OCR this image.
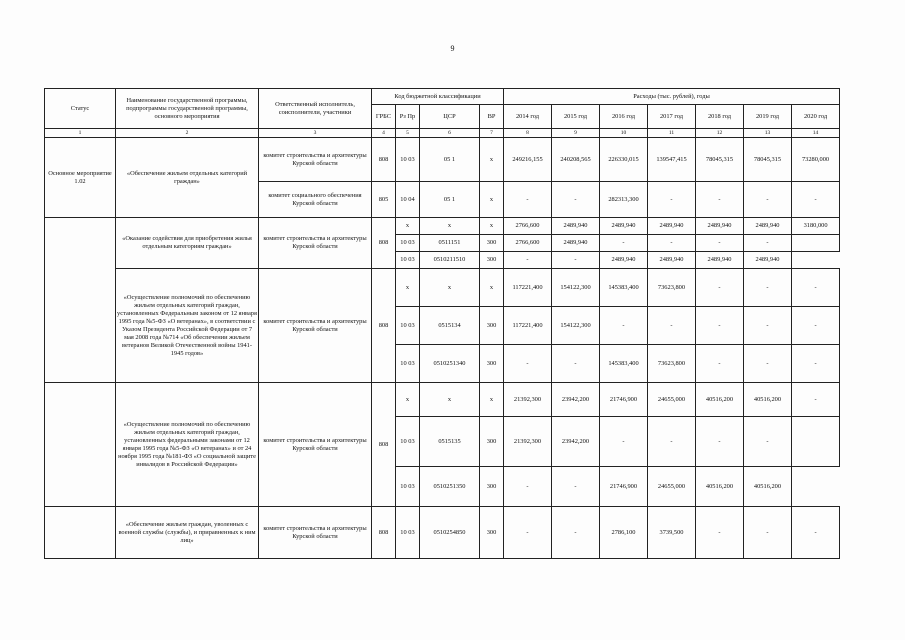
9
Статус	Наименование государственной программы, подпрограммы государственной программы, основного мероприятия	Ответственный исполнитель, соисполнители, участники	Код бюджетной классификации				Расходы (тыс. рублей), годы						
			ГРБС	Рз Пр	ЦСР	ВР	2014 год	2015 год	2016 год	2017 год	2018 год	2019 год	2020 год
1	2	3	4	5	6	7	8	9	10	11	12	13	14
Основное мероприятие 1.02	«Обеспечение жильем отдельных категорий граждан»	комитет строительства и архитектуры Курской области	808	10 03	05 1	x	249216,155	240208,565	226330,015	139547,415	78045,315	78045,315	73280,000
		комитет социального обеспечения Курской области	805	10 04	05 1	x	-	-	282313,300	-	-	-	-
	«Оказание содействия для приобретения жилья отдельным категориям граждан»	комитет строительства и архитектуры Курской области	808	x	x	x	2766,600	2489,940	2489,940	2489,940	2489,940	2489,940	3180,000
				10 03	0511151	300	2766,600	2489,940	-	-	-	-	
				10 03	0510211510	300	-	-	2489,940	2489,940	2489,940	2489,940	
	«Осуществление полномочий по обеспечению жильем отдельных категорий граждан, установленных Федеральным законом от 12 января 1995 года №5-ФЗ «О ветеранах», в соответствии с Указом Президента Российской Федерации от 7 мая 2008 года №714 «Об обеспечении жильем ветеранов Великой Отечественной войны 1941-1945 годов»	комитет строительства и архитектуры Курской области	808	x	x	x	117221,400	154122,300	145383,400	73623,800	-	-	-
				10 03	0515134	300	117221,400	154122,300	-	-	-	-	-
				10 03	0510251340	300	-	-	145383,400	73623,800	-	-	-
	«Осуществление полномочий по обеспечению жильем отдельных категорий граждан, установленных федеральными законами от 12 января 1995 года №5-ФЗ «О ветеранах» и от 24 ноября 1995 года №181-ФЗ «О социальной защите инвалидов в Российской Федерации»	комитет строительства и архитектуры Курской области	808	x	x	x	21392,300	23942,200	21746,900	24655,000	40516,200	40516,200	-
				10 03	0515135	300	21392,300	23942,200	-	-	-	-	
				10 03	0510251350	300	-	-	21746,900	24655,000	40516,200	40516,200	
	«Обеспечение жильем граждан, уволенных с военной службы (службы), и приравненных к ним лиц»	комитет строительства и архитектуры Курской области	808	10 03	0510254850	300	-	-	2786,100	3739,500	-	-	-
